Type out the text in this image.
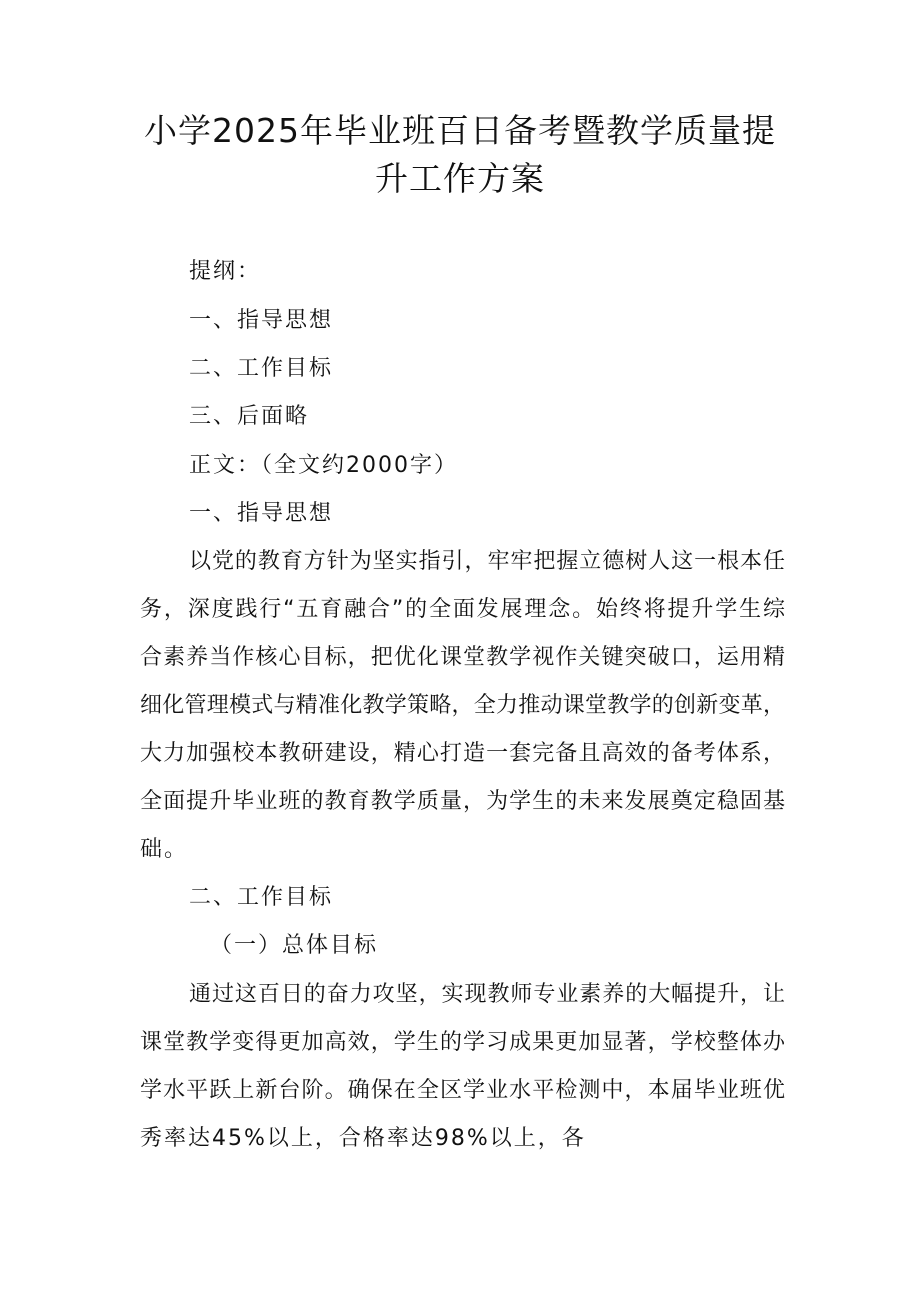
小学2025年毕业班百日备考暨教学质量提
升工作方案
提纲：
一、指导思想
二、工作目标
三、后面略
正文：（全文约2000字）
一、指导思想
以党的教育方针为坚实指引，牢牢把握立德树人这一根本任
务，深度践行“五育融合”的全面发展理念。始终将提升学生综
合素养当作核心目标，把优化课堂教学视作关键突破口，运用精
细化管理模式与精准化教学策略，全力推动课堂教学的创新变革，
大力加强校本教研建设，精心打造一套完备且高效的备考体系，
全面提升毕业班的教育教学质量，为学生的未来发展奠定稳固基
础。
二、工作目标
（一）总体目标
通过这百日的奋力攻坚，实现教师专业素养的大幅提升，让
课堂教学变得更加高效，学生的学习成果更加显著，学校整体办
学水平跃上新台阶。确保在全区学业水平检测中，本届毕业班优
秀率达45%以上，合格率达98%以上，各
